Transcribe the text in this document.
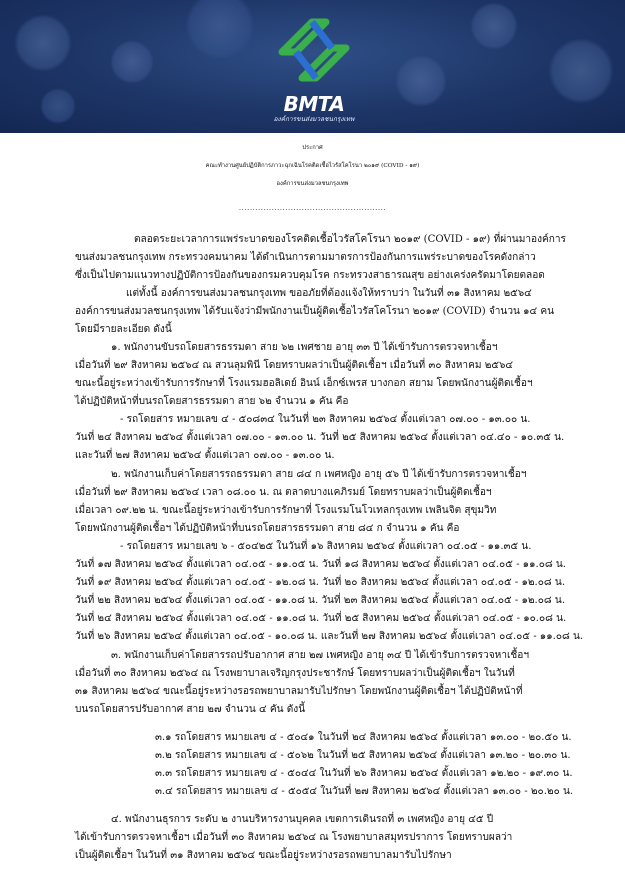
BMTA
องค์การขนส่งมวลชนกรุงเทพ
ประกาศ
คณะทำงานศูนย์ปฏิบัติการภาวะฉุกเฉินโรคติดเชื้อไวรัสโคโรนา ๒๐๑๙ (COVID - ๑๙)
องค์การขนส่งมวลชนกรุงเทพ
......................................................
ตลอดระยะเวลาการแพร่ระบาดของโรคติดเชื้อไวรัสโคโรนา ๒๐๑๙ (COVID - ๑๙) ที่ผ่านมาองค์การ
ขนส่งมวลชนกรุงเทพ กระทรวงคมนาคม ได้ดำเนินการตามมาตรการป้องกันการแพร่ระบาดของโรคดังกล่าว
ซึ่งเป็นไปตามแนวทางปฏิบัติการป้องกันของกรมควบคุมโรค กระทรวงสาธารณสุข อย่างเคร่งครัดมาโดยตลอด
แต่ทั้งนี้ องค์การขนส่งมวลชนกรุงเทพ ขออภัยที่ต้องแจ้งให้ทราบว่า ในวันที่ ๓๑ สิงหาคม ๒๕๖๔
องค์การขนส่งมวลชนกรุงเทพ ได้รับแจ้งว่ามีพนักงานเป็นผู้ติดเชื้อไวรัสโคโรนา ๒๐๑๙ (COVID) จำนวน ๑๔ คน
โดยมีรายละเอียด ดังนี้
๑. พนักงานขับรถโดยสารธรรมดา สาย ๖๒ เพศชาย อายุ ๓๓ ปี ได้เข้ารับการตรวจหาเชื้อฯ
เมื่อวันที่ ๒๙ สิงหาคม ๒๕๖๔ ณ สวนลุมพินี โดยทราบผลว่าเป็นผู้ติดเชื้อฯ เมื่อวันที่ ๓๐ สิงหาคม ๒๕๖๔
ขณะนี้อยู่ระหว่างเข้ารับการรักษาที่ โรงแรมฮอลิเดย์ อินน์ เอ็กซ์เพรส บางกอก สยาม โดยพนักงานผู้ติดเชื้อฯ
ได้ปฏิบัติหน้าที่บนรถโดยสารธรรมดา สาย ๖๒ จำนวน ๑ คัน คือ
- รถโดยสาร หมายเลข ๔ - ๕๐๘๓๔ ในวันที่ ๒๓ สิงหาคม ๒๕๖๔ ตั้งแต่เวลา ๐๗.๐๐ - ๑๓.๐๐ น.
วันที่ ๒๔ สิงหาคม ๒๕๖๔ ตั้งแต่เวลา ๐๗.๐๐ - ๑๓.๐๐ น. วันที่ ๒๕ สิงหาคม ๒๕๖๔ ตั้งแต่เวลา ๐๔.๔๐ - ๑๐.๓๕ น.
และวันที่ ๒๗ สิงหาคม ๒๕๖๔ ตั้งแต่เวลา ๐๗.๐๐ - ๑๓.๐๐ น.
๒. พนักงานเก็บค่าโดยสารรถธรรมดา สาย ๘๔ ก เพศหญิง อายุ ๕๖ ปี ได้เข้ารับการตรวจหาเชื้อฯ
เมื่อวันที่ ๒๙ สิงหาคม ๒๕๖๔ เวลา ๐๘.๐๐ น. ณ ตลาดบางแคภิรมย์ โดยทราบผลว่าเป็นผู้ติดเชื้อฯ
เมื่อเวลา ๐๙.๒๒ น. ขณะนี้อยู่ระหว่างเข้ารับการรักษาที่ โรงแรมโนโวเทลกรุงเทพ เพลินจิต สุขุมวิท
โดยพนักงานผู้ติดเชื้อฯ ได้ปฏิบัติหน้าที่บนรถโดยสารธรรมดา สาย ๘๔ ก จำนวน ๑ คัน คือ
- รถโดยสาร หมายเลข ๖ - ๕๐๔๒๕ ในวันที่ ๑๖ สิงหาคม ๒๕๖๔ ตั้งแต่เวลา ๐๔.๐๕ - ๑๑.๓๕ น.
วันที่ ๑๗ สิงหาคม ๒๕๖๔ ตั้งแต่เวลา ๐๔.๐๕ - ๑๑.๐๕ น. วันที่ ๑๘ สิงหาคม ๒๕๖๔ ตั้งแต่เวลา ๐๔.๐๕ - ๑๑.๐๘ น.
วันที่ ๑๙ สิงหาคม ๒๕๖๔ ตั้งแต่เวลา ๐๔.๐๕ - ๑๒.๐๘ น. วันที่ ๒๐ สิงหาคม ๒๕๖๔ ตั้งแต่เวลา ๐๔.๐๕ - ๑๒.๐๘ น.
วันที่ ๒๒ สิงหาคม ๒๕๖๔ ตั้งแต่เวลา ๐๔.๐๕ - ๑๑.๐๘ น. วันที่ ๒๓ สิงหาคม ๒๕๖๔ ตั้งแต่เวลา ๐๔.๐๕ - ๑๒.๐๘ น.
วันที่ ๒๔ สิงหาคม ๒๕๖๔ ตั้งแต่เวลา ๐๔.๐๕ - ๑๑.๐๘ น. วันที่ ๒๕ สิงหาคม ๒๕๖๔ ตั้งแต่เวลา ๐๔.๐๕ - ๑๐.๐๘ น.
วันที่ ๒๖ สิงหาคม ๒๕๖๔ ตั้งแต่เวลา ๐๔.๐๕ - ๑๐.๐๘ น. และวันที่ ๒๗ สิงหาคม ๒๕๖๔ ตั้งแต่เวลา ๐๔.๐๕ - ๑๑.๐๘ น.
๓. พนักงานเก็บค่าโดยสารรถปรับอากาศ สาย ๒๗ เพศหญิง อายุ ๓๔ ปี ได้เข้ารับการตรวจหาเชื้อฯ
เมื่อวันที่ ๓๐ สิงหาคม ๒๕๖๔ ณ โรงพยาบาลเจริญกรุงประชารักษ์ โดยทราบผลว่าเป็นผู้ติดเชื้อฯ ในวันที่
๓๑ สิงหาคม ๒๕๖๔ ขณะนี้อยู่ระหว่างรอรถพยาบาลมารับไปรักษา โดยพนักงานผู้ติดเชื้อฯ ได้ปฏิบัติหน้าที่
บนรถโดยสารปรับอากาศ สาย ๒๗ จำนวน ๔ คัน ดังนี้
๓.๑ รถโดยสาร หมายเลข ๔ - ๕๐๔๑ ในวันที่ ๒๔ สิงหาคม ๒๕๖๔ ตั้งแต่เวลา ๑๓.๐๐ - ๒๐.๕๐ น.
๓.๒ รถโดยสาร หมายเลข ๔ - ๕๐๖๒ ในวันที่ ๒๕ สิงหาคม ๒๕๖๔ ตั้งแต่เวลา ๑๓.๒๐ - ๒๐.๓๐ น.
๓.๓ รถโดยสาร หมายเลข ๔ - ๕๐๔๔ ในวันที่ ๒๖ สิงหาคม ๒๕๖๔ ตั้งแต่เวลา ๑๒.๒๐ - ๑๙.๓๐ น.
๓.๔ รถโดยสาร หมายเลข ๔ - ๕๐๕๔ ในวันที่ ๒๗ สิงหาคม ๒๕๖๔ ตั้งแต่เวลา ๑๓.๐๐ - ๒๐.๒๐ น.
๔. พนักงานธุรการ ระดับ ๒ งานบริหารงานบุคคล เขตการเดินรถที่ ๓ เพศหญิง อายุ ๔๕ ปี
ได้เข้ารับการตรวจหาเชื้อฯ เมื่อวันที่ ๓๐ สิงหาคม ๒๕๖๔ ณ โรงพยาบาลสมุทรปราการ โดยทราบผลว่า
เป็นผู้ติดเชื้อฯ ในวันที่ ๓๑ สิงหาคม ๒๕๖๔ ขณะนี้อยู่ระหว่างรอรถพยาบาลมารับไปรักษา
